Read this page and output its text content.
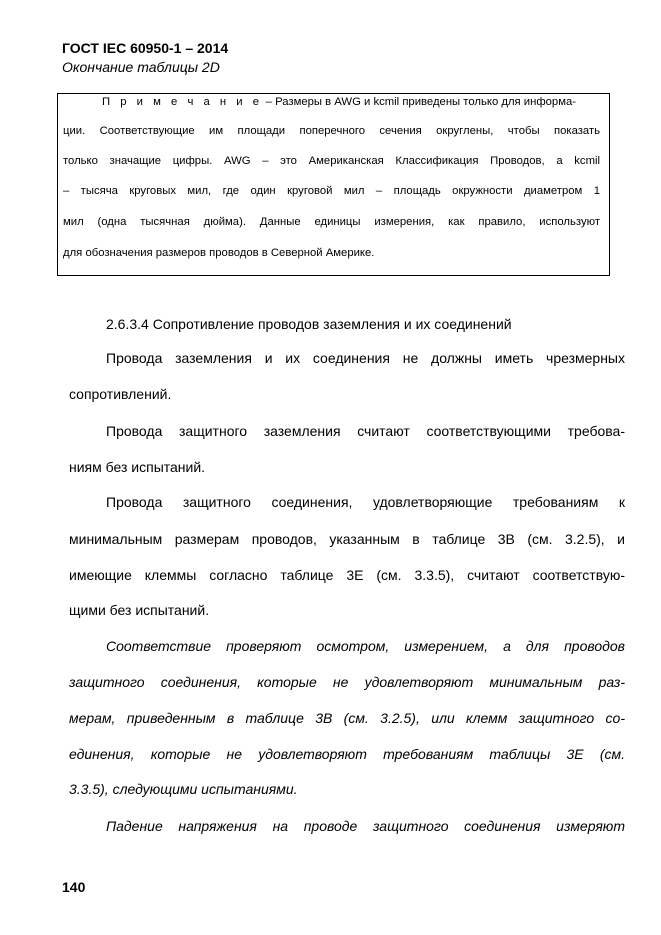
ГОСТ IEC 60950-1 – 2014
Окончание таблицы 2D
П р и м е ч а н и е – Размеры в AWG и kcmil приведены только для информа-
ции. Соответствующие им площади поперечного сечения округлены, чтобы показать
только значащие цифры. AWG – это Американская Классификация Проводов, а kcmil
– тысяча круговых мил, где один круговой мил – площадь окружности диаметром 1
мил (одна тысячная дюйма). Данные единицы измерения, как правило, используют
для обозначения размеров проводов в Северной Америке.
2.6.3.4 Сопротивление проводов заземления и их соединений
Провода заземления и их соединения не должны иметь чрезмерных
сопротивлений.
Провода защитного заземления считают соответствующими требова-
ниям без испытаний.
Провода защитного соединения, удовлетворяющие требованиям к
минимальным размерам проводов, указанным в таблице 3В (см. 3.2.5), и
имеющие клеммы согласно таблице 3Е (см. 3.3.5), считают соответствую-
щими без испытаний.
Соответствие проверяют осмотром, измерением, а для проводов
защитного соединения, которые не удовлетворяют минимальным раз-
мерам, приведенным в таблице 3В (см. 3.2.5), или клемм защитного со-
единения, которые не удовлетворяют требованиям таблицы 3Е (см.
3.3.5), следующими испытаниями.
Падение напряжения на проводе защитного соединения измеряют
140
